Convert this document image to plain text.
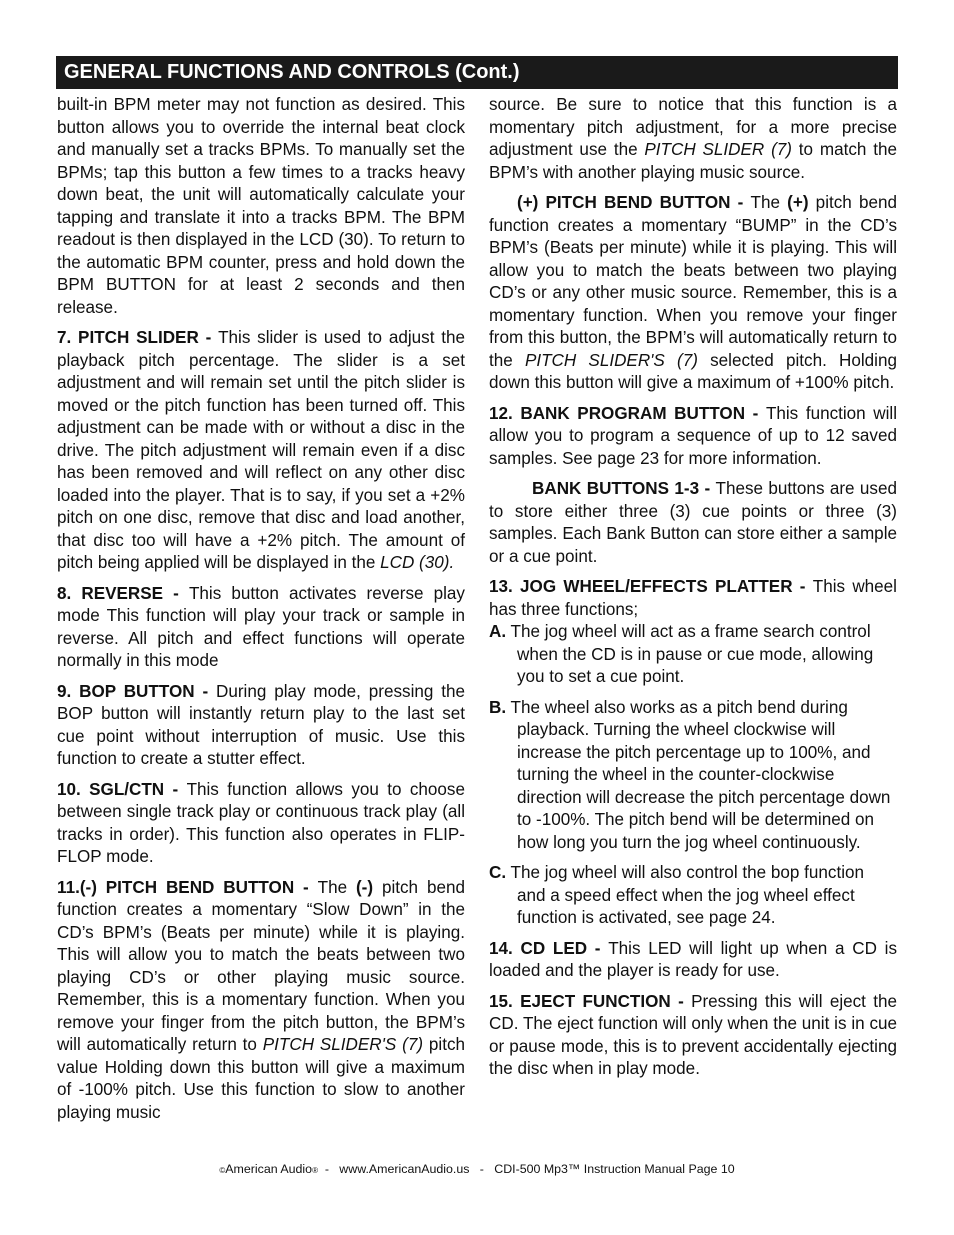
GENERAL FUNCTIONS AND CONTROLS (Cont.)

built-in BPM meter may not function as desired. This button allows you to override the internal beat clock and manually set a tracks BPMs. To manually set the BPMs; tap this button a few times to a tracks heavy down beat, the unit will automatically calculate your tapping and translate it into a tracks BPM. The BPM readout is then displayed in the LCD (30). To return to the automatic BPM counter, press and hold down the BPM BUTTON for at least 2 seconds and then release.

7. PITCH SLIDER - This slider is used to adjust the playback pitch percentage. The slider is a set adjustment and will remain set until the pitch slider is moved or the pitch function has been turned off. This adjustment can be made with or without a disc in the drive. The pitch adjustment will remain even if a disc has been removed and will reflect on any other disc loaded into the player. That is to say, if you set a +2% pitch on one disc, remove that disc and load another, that disc too will have a +2% pitch. The amount of pitch being applied will be displayed in the LCD (30).

8. REVERSE - This button activates reverse play mode This function will play your track or sample in reverse. All pitch and effect functions will operate normally in this mode

9. BOP BUTTON - During play mode, pressing the BOP button will instantly return play to the last set cue point without interruption of music. Use this function to create a stutter effect.

10. SGL/CTN - This function allows you to choose between single track play or continuous track play (all tracks in order). This function also operates in FLIP-FLOP mode.

11.(-) PITCH BEND BUTTON - The (-) pitch bend function creates a momentary “Slow Down” in the CD’s BPM’s (Beats per minute) while it is playing. This will allow you to match the beats between two playing CD’s or other playing music source. Remember, this is a momentary function. When you remove your finger from the pitch button, the BPM’s will automatically return to PITCH SLIDER'S (7) pitch value Holding down this button will give a maximum of -100% pitch. Use this function to slow to another playing music

source. Be sure to notice that this function is a momentary pitch adjustment, for a more precise adjustment use the PITCH SLIDER (7) to match the BPM’s with another playing music source.

(+) PITCH BEND BUTTON - The (+) pitch bend function creates a momentary “BUMP” in the CD’s BPM’s (Beats per minute) while it is playing. This will allow you to match the beats between two playing CD’s or any other music source. Remember, this is a momentary function. When you remove your finger from this button, the BPM’s will automatically return to the PITCH SLIDER'S (7) selected pitch. Holding down this button will give a maximum of +100% pitch.

12. BANK PROGRAM BUTTON - This function will allow you to program a sequence of up to 12 saved samples. See page 23 for more information.

BANK BUTTONS 1-3 - These buttons are used to store either three (3) cue points or three (3) samples. Each Bank Button can store either a sample or a cue point.

13. JOG WHEEL/EFFECTS PLATTER - This wheel has three functions;

A. The jog wheel will act as a frame search control when the CD is in pause or cue mode, allowing you to set a cue point.

B. The wheel also works as a pitch bend during playback. Turning the wheel clockwise will increase the pitch percentage up to 100%, and turning the wheel in the counter-clockwise direction will decrease the pitch percentage down to -100%. The pitch bend will be determined on how long you turn the jog wheel continuously.

C. The jog wheel will also control the bop function and a speed effect when the jog wheel effect function is activated, see page 24.

14. CD LED - This LED will light up when a CD is loaded and the player is ready for use.

15. EJECT FUNCTION - Pressing this will eject the CD. The eject function will only when the unit is in cue or pause mode, this is to prevent accidentally ejecting the disc when in play mode.

©American Audio®  -   www.AmericanAudio.us   -   CDI-500 Mp3™ Instruction Manual Page 10
